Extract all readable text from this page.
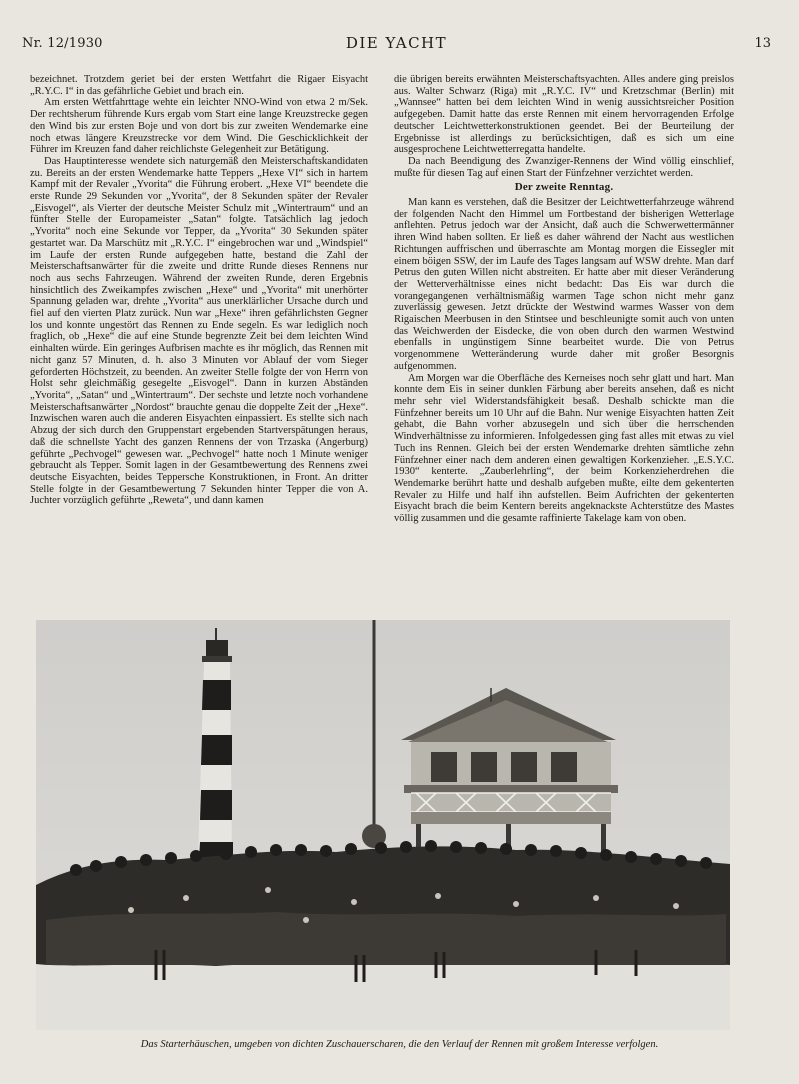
Nr. 12/1930	DIE YACHT	13

bezeichnet. Trotzdem geriet bei der ersten Wettfahrt die Rigaer Eisyacht „R.Y.C. I“ in das gefährliche Gebiet und brach ein.

Am ersten Wettfahrttage wehte ein leichter NNO-Wind von etwa 2 m/Sek. Der rechtsherum führende Kurs ergab vom Start eine lange Kreuzstrecke gegen den Wind bis zur ersten Boje und von dort bis zur zweiten Wendemarke eine noch etwas längere Kreuzstrecke vor dem Wind. Die Geschicklichkeit der Führer im Kreuzen fand daher reichlichste Gelegenheit zur Betätigung.

Das Hauptinteresse wendete sich naturgemäß den Meisterschaftskandidaten zu. Bereits an der ersten Wendemarke hatte Teppers „Hexe VI“ sich in hartem Kampf mit der Revaler „Yvorita“ die Führung erobert. „Hexe VI“ beendete die erste Runde 29 Sekunden vor „Yvorita“, der 8 Sekunden später der Revaler „Eisvogel“, als Vierter der deutsche Meister Schulz mit „Wintertraum“ und an fünfter Stelle der Europameister „Satan“ folgte. Tatsächlich lag jedoch „Yvorita“ noch eine Sekunde vor Tepper, da „Yvorita“ 30 Sekunden später gestartet war. Da Marschütz mit „R.Y.C. I“ eingebrochen war und „Windspiel“ im Laufe der ersten Runde aufgegeben hatte, bestand die Zahl der Meisterschaftsanwärter für die zweite und dritte Runde dieses Rennens nur noch aus sechs Fahrzeugen. Während der zweiten Runde, deren Ergebnis hinsichtlich des Zweikampfes zwischen „Hexe“ und „Yvorita“ mit unerhörter Spannung geladen war, drehte „Yvorita“ aus unerklärlicher Ursache durch und fiel auf den vierten Platz zurück. Nun war „Hexe“ ihren gefährlichsten Gegner los und konnte ungestört das Rennen zu Ende segeln. Es war lediglich noch fraglich, ob „Hexe“ die auf eine Stunde begrenzte Zeit bei dem leichten Wind einhalten würde. Ein geringes Aufbrisen machte es ihr möglich, das Rennen mit nicht ganz 57 Minuten, d. h. also 3 Minuten vor Ablauf der vom Sieger geforderten Höchstzeit, zu beenden. An zweiter Stelle folgte der von Herrn von Holst sehr gleichmäßig gesegelte „Eisvogel“. Dann in kurzen Abständen „Yvorita“, „Satan“ und „Wintertraum“. Der sechste und letzte noch vorhandene Meisterschaftsanwärter „Nordost“ brauchte genau die doppelte Zeit der „Hexe“. Inzwischen waren auch die anderen Eisyachten einpassiert. Es stellte sich nach Abzug der sich durch den Gruppenstart ergebenden Startverspätungen heraus, daß die schnellste Yacht des ganzen Rennens der von Trzaska (Angerburg) geführte „Pechvogel“ gewesen war. „Pechvogel“ hatte noch 1 Minute weniger gebraucht als Tepper. Somit lagen in der Gesamtbewertung des Rennens zwei deutsche Eisyachten, beides Teppersche Konstruktionen, in Front. An dritter Stelle folgte in der Gesamtbewertung 7 Sekunden hinter Tepper die von A. Juchter vorzüglich geführte „Reweta“, und dann kamen

die übrigen bereits erwähnten Meisterschaftsyachten. Alles andere ging preislos aus. Walter Schwarz (Riga) mit „R.Y.C. IV“ und Kretzschmar (Berlin) mit „Wannsee“ hatten bei dem leichten Wind in wenig aussichtsreicher Position aufgegeben. Damit hatte das erste Rennen mit einem hervorragenden Erfolge deutscher Leichtwetterkonstruktionen geendet. Bei der Beurteilung der Ergebnisse ist allerdings zu berücksichtigen, daß es sich um eine ausgesprochene Leichtwetterregatta handelte.

Da nach Beendigung des Zwanziger-Rennens der Wind völlig einschlief, mußte für diesen Tag auf einen Start der Fünfzehner verzichtet werden.

Der zweite Renntag.

Man kann es verstehen, daß die Besitzer der Leichtwetterfahrzeuge während der folgenden Nacht den Himmel um Fortbestand der bisherigen Wetterlage anflehten. Petrus jedoch war der Ansicht, daß auch die Schwerwettermänner ihren Wind haben sollten. Er ließ es daher während der Nacht aus westlichen Richtungen auffrischen und überraschte am Montag morgen die Eissegler mit einem böigen SSW, der im Laufe des Tages langsam auf WSW drehte. Man darf Petrus den guten Willen nicht abstreiten. Er hatte aber mit dieser Veränderung der Wetterverhältnisse eines nicht bedacht: Das Eis war durch die vorangegangenen verhältnismäßig warmen Tage schon nicht mehr ganz zuverlässig gewesen. Jetzt drückte der Westwind warmes Wasser von dem Rigaischen Meerbusen in den Stintsee und beschleunigte somit auch von unten das Weichwerden der Eisdecke, die von oben durch den warmen Westwind ebenfalls in ungünstigem Sinne bearbeitet wurde. Die von Petrus vorgenommene Wetteränderung wurde daher mit großer Besorgnis aufgenommen.

Am Morgen war die Oberfläche des Kerneises noch sehr glatt und hart. Man konnte dem Eis in seiner dunklen Färbung aber bereits ansehen, daß es nicht mehr sehr viel Widerstandsfähigkeit besaß. Deshalb schickte man die Fünfzehner bereits um 10 Uhr auf die Bahn. Nur wenige Eisyachten hatten Zeit gehabt, die Bahn vorher abzusegeln und sich über die herrschenden Windverhältnisse zu informieren. Infolgedessen ging fast alles mit etwas zu viel Tuch ins Rennen. Gleich bei der ersten Wendemarke drehten sämtliche zehn Fünfzehner einer nach dem anderen einen gewaltigen Korkenzieher. „E.S.Y.C. 1930“ kenterte. „Zauberlehrling“, der beim Korkenzieherdrehen die Wendemarke berührt hatte und deshalb aufgeben mußte, eilte dem gekenterten Revaler zu Hilfe und half ihn aufstellen. Beim Aufrichten der gekenterten Eisyacht brach die beim Kentern bereits angeknackste Achterstütze des Mastes völlig zusammen und die gesamte raffinierte Takelage kam von oben.

Das Starterhäuschen, umgeben von dichten Zuschauerscharen, die den Verlauf der Rennen mit großem Interesse verfolgen.
